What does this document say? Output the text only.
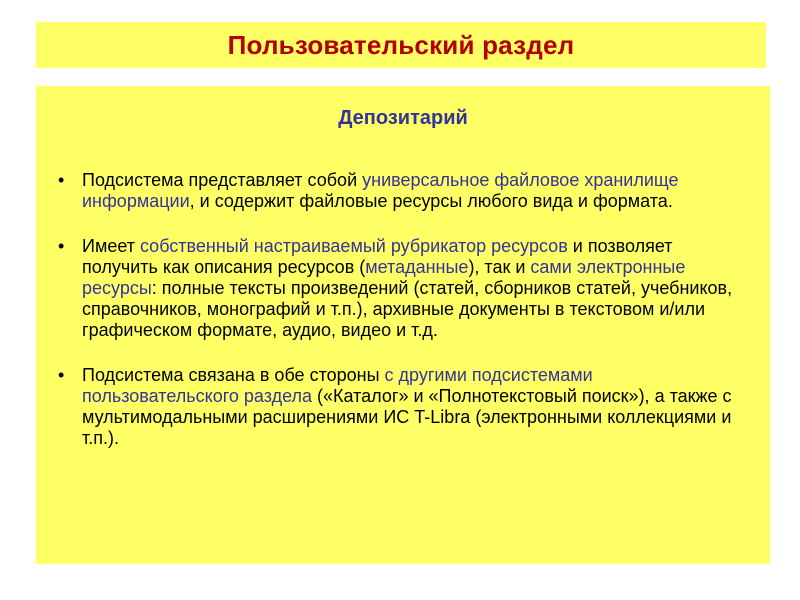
Пользовательский раздел
Депозитарий
• Подсистема представляет собой универсальное файловое хранилище информации, и содержит файловые ресурсы любого вида и формата.
• Имеет собственный настраиваемый рубрикатор ресурсов и позволяет получить как описания ресурсов (метаданные), так и сами электронные ресурсы: полные тексты произведений (статей, сборников статей, учебников, справочников, монографий и т.п.), архивные документы в текстовом и/или графическом формате, аудио, видео и т.д.
• Подсистема связана в обе стороны с другими подсистемами пользовательского раздела («Каталог» и «Полнотекстовый поиск»), а также с мультимодальными расширениями ИС T-Libra (электронными коллекциями и т.п.).
